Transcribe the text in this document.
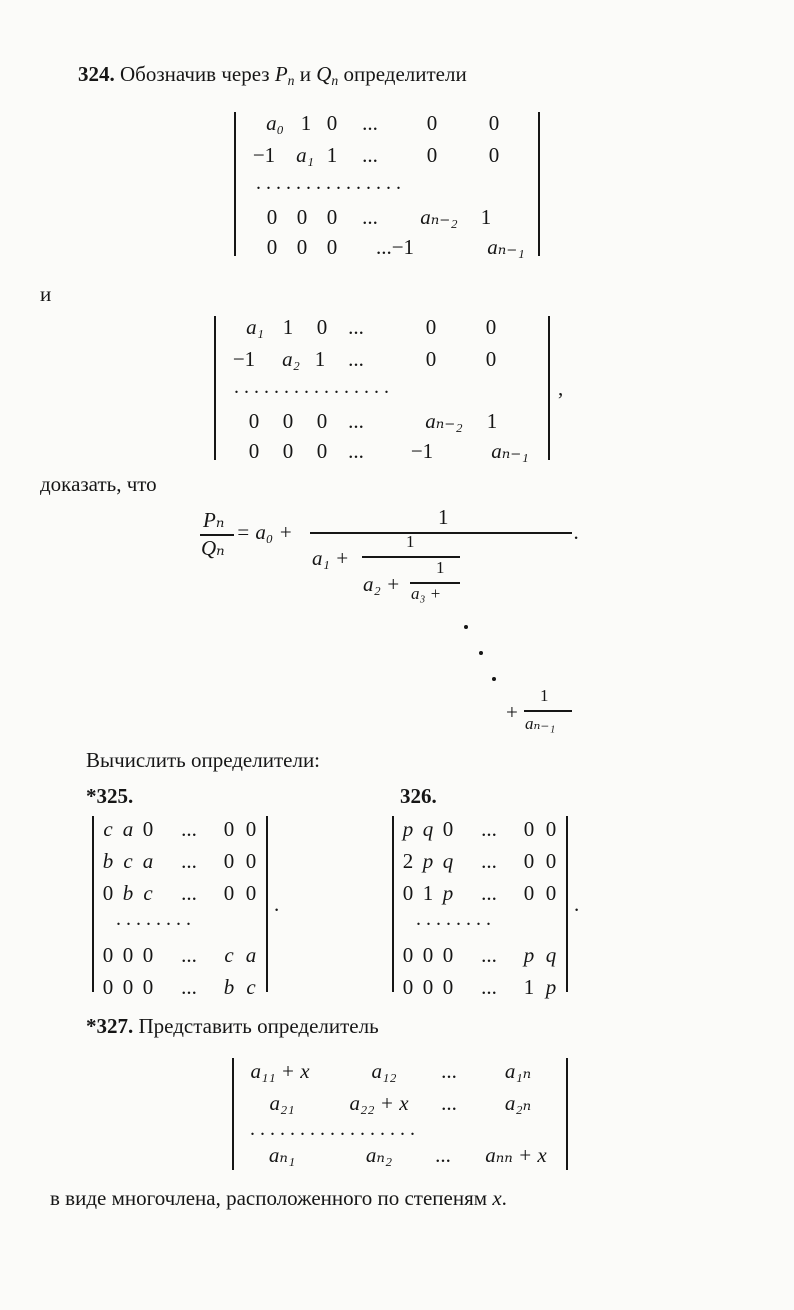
324. Обозначив через $P_n$ и $Q_n$ определители
a₀ 1 0	...	0	0
−1 a₁ 1	...	0	0
...............
0 0 0	...	aₙ₋₂	1
0 0 0	...−1	aₙ₋₁
и
a₁ 1 0 ...	0	0
−1	a₂ 1	...	0	0
................
0	0	0 ...	aₙ₋₂	1
0	0	0 ...	−1	aₙ₋₁
,
доказать, что
Pₙ
Qₙ
= a₀ +
1
.
a₁ +
1
a₂ +
1
a₃ +
+
1
aₙ₋₁
Вычислить определители:
*325.
c a 0	...	0 0
b c a	...	0 0
0 b c	...	0 0
........
0 0 0	...	c a
0 0 0	...	b c
.
326.
p q 0	...	0 0
2 p q	...	0 0
0 1 p	...	0 0
........
0 0 0	...	p q
0 0 0	...	1 p
.
*327. Представить определитель
a₁₁ + x	a₁₂	...	a₁ₙ
a₂₁	a₂₂ + x	...	a₂ₙ
.................
aₙ₁	aₙ₂	...	aₙₙ + x
в виде многочлена, расположенного по степеням x.
